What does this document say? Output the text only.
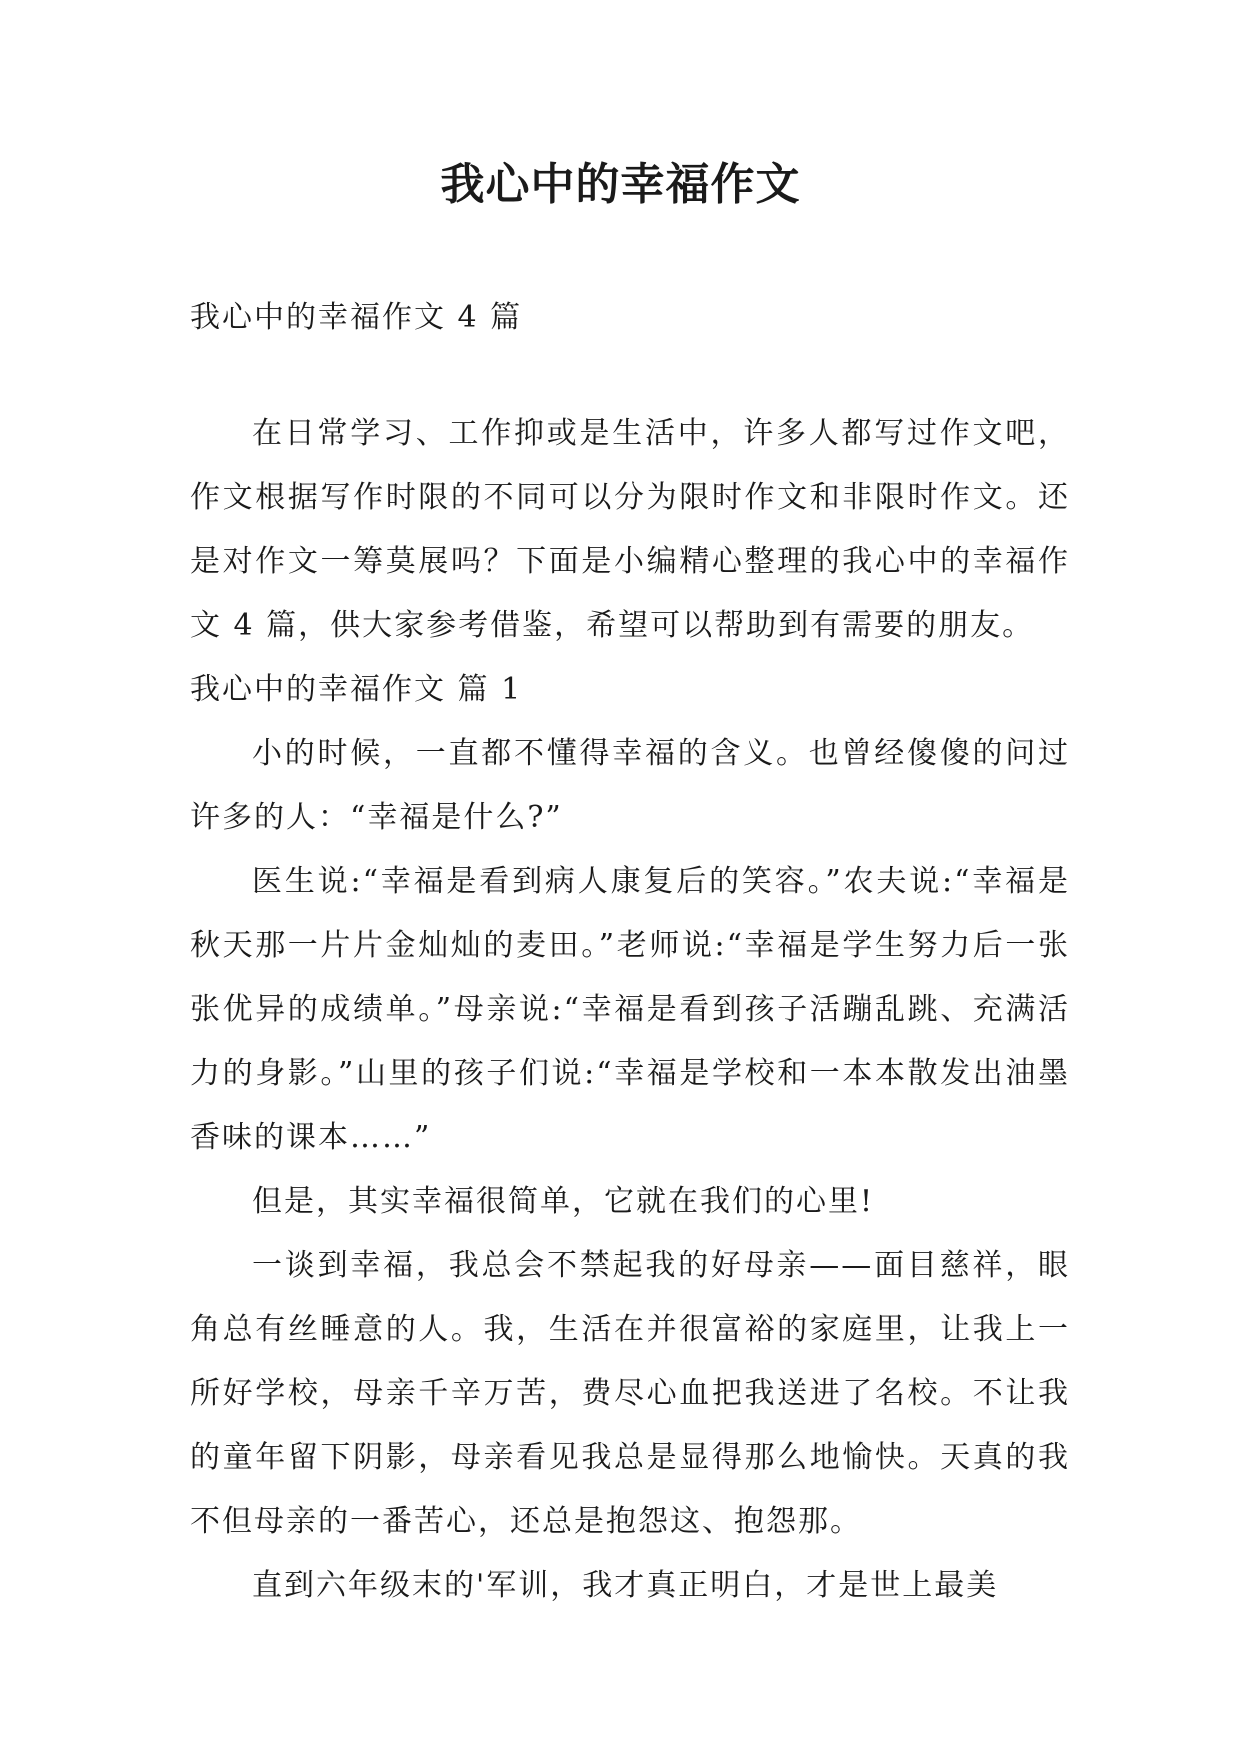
我心中的幸福作文
我心中的幸福作文 4 篇

在日常学习、工作抑或是生活中，许多人都写过作文吧，作文根据写作时限的不同可以分为限时作文和非限时作文。还是对作文一筹莫展吗？下面是小编精心整理的我心中的幸福作文 4 篇，供大家参考借鉴，希望可以帮助到有需要的朋友。

我心中的幸福作文 篇 1

小的时候，一直都不懂得幸福的含义。也曾经傻傻的问过许多的人：“幸福是什么?”

医生说:“幸福是看到病人康复后的笑容。”农夫说:“幸福是秋天那一片片金灿灿的麦田。”老师说:“幸福是学生努力后一张张优异的成绩单。”母亲说:“幸福是看到孩子活蹦乱跳、充满活力的身影。”山里的孩子们说:“幸福是学校和一本本散发出油墨香味的课本……”

但是，其实幸福很简单，它就在我们的心里!

一谈到幸福，我总会不禁起我的好母亲——面目慈祥，眼角总有丝睡意的人。我，生活在并很富裕的家庭里，让我上一所好学校，母亲千辛万苦，费尽心血把我送进了名校。不让我的童年留下阴影，母亲看见我总是显得那么地愉快。天真的我不但母亲的一番苦心，还总是抱怨这、抱怨那。

直到六年级末的'军训，我才真正明白，才是世上最美
